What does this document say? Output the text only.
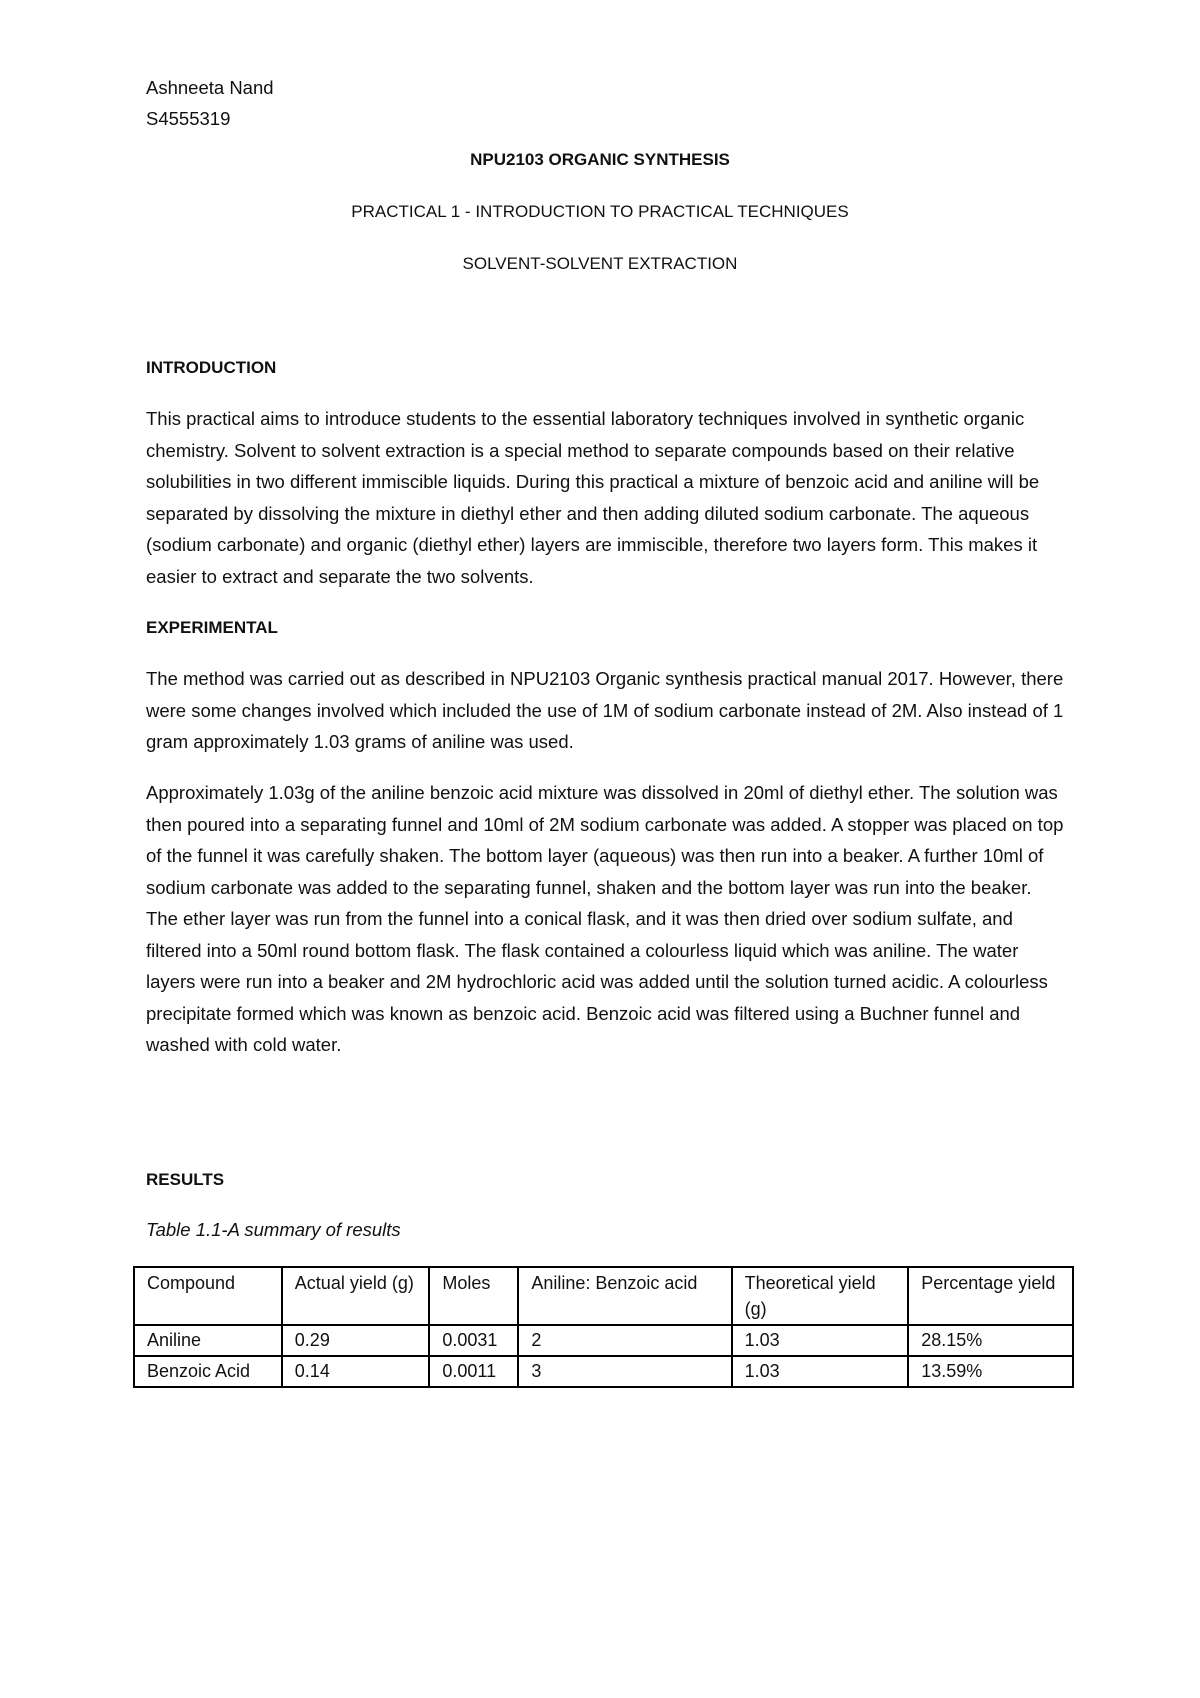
Ashneeta Nand

S4555319

NPU2103 ORGANIC SYNTHESIS

PRACTICAL 1 - INTRODUCTION TO PRACTICAL TECHNIQUES

SOLVENT-SOLVENT EXTRACTION

INTRODUCTION

This practical aims to introduce students to the essential laboratory techniques involved in synthetic organic chemistry. Solvent to solvent extraction is a special method to separate compounds based on their relative solubilities in two different immiscible liquids. During this practical a mixture of benzoic acid and aniline will be separated by dissolving the mixture in diethyl ether and then adding diluted sodium carbonate. The aqueous (sodium carbonate) and organic (diethyl ether) layers are immiscible, therefore two layers form. This makes it easier to extract and separate the two solvents.

EXPERIMENTAL

The method was carried out as described in NPU2103 Organic synthesis practical manual 2017. However, there were some changes involved which included the use of 1M of sodium carbonate instead of 2M. Also instead of 1 gram approximately 1.03 grams of aniline was used.

Approximately 1.03g of the aniline benzoic acid mixture was dissolved in 20ml of diethyl ether. The solution was then poured into a separating funnel and 10ml of 2M sodium carbonate was added. A stopper was placed on top of the funnel it was carefully shaken. The bottom layer (aqueous) was then run into a beaker. A further 10ml of sodium carbonate was added to the separating funnel, shaken and the bottom layer was run into the beaker. The ether layer was run from the funnel into a conical flask, and it was then dried over sodium sulfate, and filtered into a 50ml round bottom flask. The flask contained a colourless liquid which was aniline. The water layers were run into a beaker and 2M hydrochloric acid was added until the solution turned acidic. A colourless precipitate formed which was known as benzoic acid. Benzoic acid was filtered using a Buchner funnel and washed with cold water.

RESULTS

Table 1.1-A summary of results

Compound	Actual yield (g)	Moles	Aniline: Benzoic acid	Theoretical yield (g)	Percentage yield
Aniline	0.29	0.0031	2	1.03	28.15%
Benzoic Acid	0.14	0.0011	3	1.03	13.59%
